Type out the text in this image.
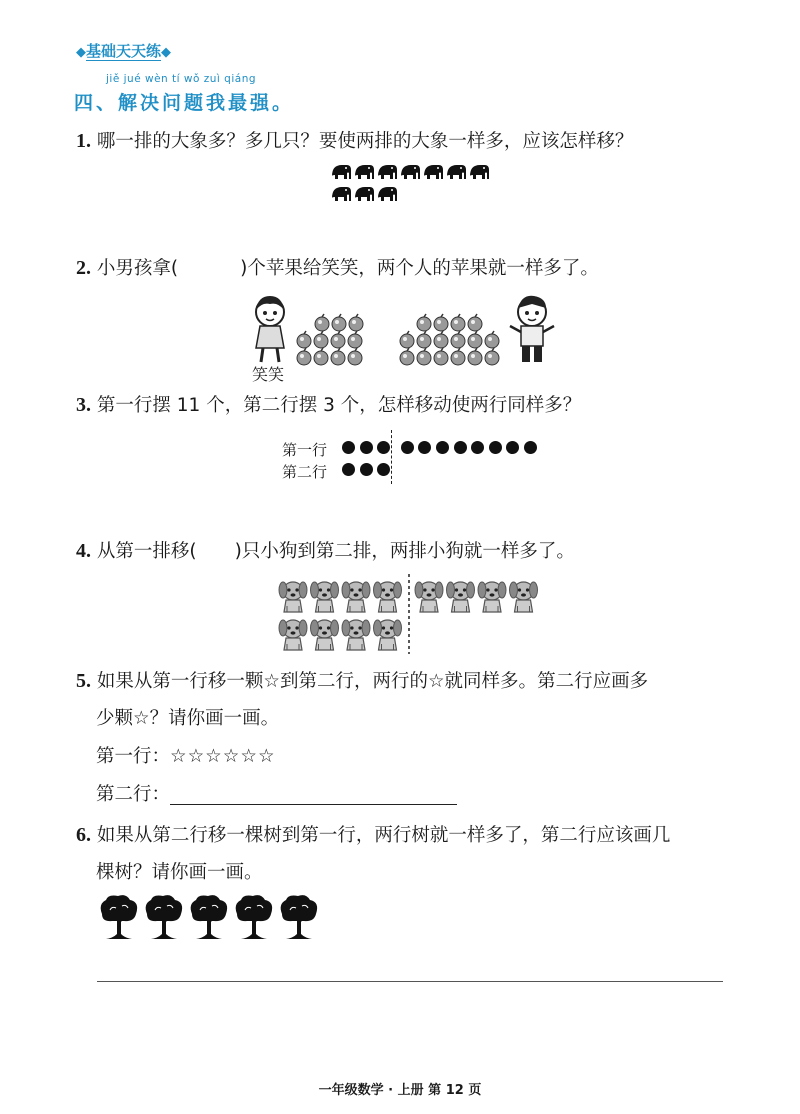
◆基础天天练◆
jiě jué wèn tí wǒ zuì qiáng
四、解决问题我最强。
1. 哪一排的大象多？多几只？要使两排的大象一样多，应该怎样移？
2. 小男孩拿(	)个苹果给笑笑，两个人的苹果就一样多了。
笑笑
3. 第一行摆 11 个，第二行摆 3 个，怎样移动使两行同样多？
第一行
第二行
4. 从第一排移( )只小狗到第二排，两排小狗就一样多了。
5. 如果从第一行移一颗☆到第二行，两行的☆就同样多。第二行应画多
少颗☆？请你画一画。
第一行：☆☆☆☆☆☆
第二行：
6. 如果从第二行移一棵树到第一行，两行树就一样多了，第二行应该画几
棵树？请你画一画。
一年级数学 · 上册 第 12 页
